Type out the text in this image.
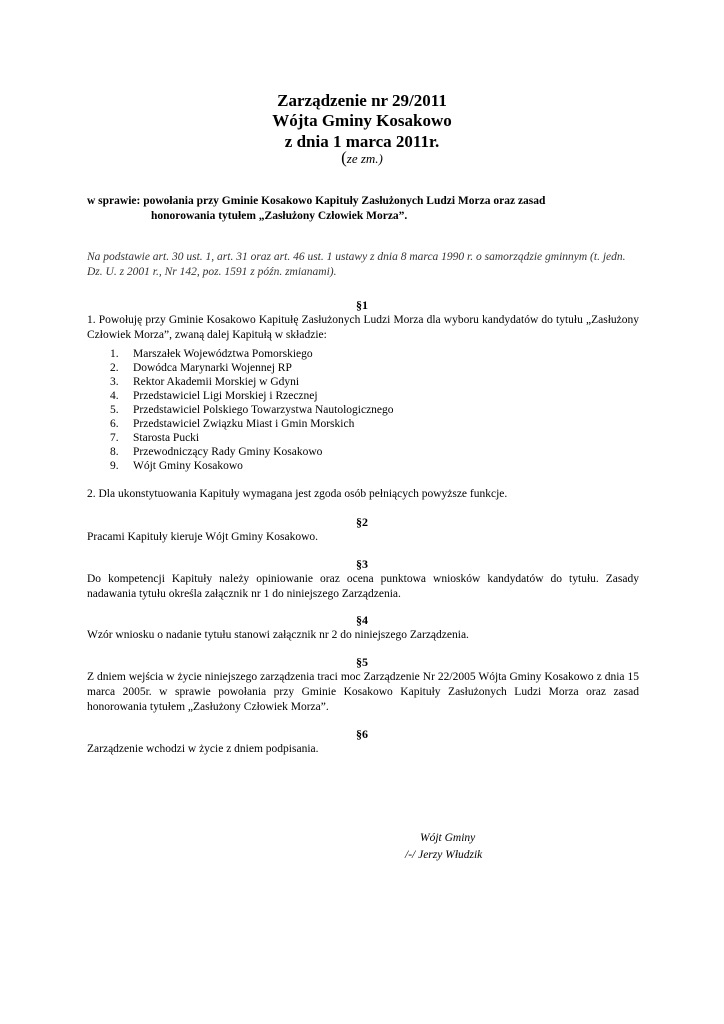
Zarządzenie nr 29/2011
Wójta Gminy Kosakowo
z dnia 1 marca 2011r.
(ze zm.)
w sprawie: powołania przy Gminie Kosakowo Kapituły Zasłużonych Ludzi Morza oraz zasad
honorowania tytułem „Zasłużony Człowiek Morza”.
Na podstawie art. 30 ust. 1, art. 31 oraz art. 46 ust. 1 ustawy z dnia 8 marca 1990 r. o samorządzie gminnym (t. jedn. Dz. U. z 2001 r., Nr 142, poz. 1591 z późn. zmianami).
§1
1. Powołuję przy Gminie Kosakowo Kapitułę Zasłużonych Ludzi Morza dla wyboru kandydatów do tytułu „Zasłużony Człowiek Morza”, zwaną dalej Kapitułą w składzie:
1. Marszałek Województwa Pomorskiego
2. Dowódca Marynarki Wojennej RP
3. Rektor Akademii Morskiej w Gdyni
4. Przedstawiciel Ligi Morskiej i Rzecznej
5. Przedstawiciel Polskiego Towarzystwa Nautologicznego
6. Przedstawiciel Związku Miast i Gmin Morskich
7. Starosta Pucki
8. Przewodniczący Rady Gminy Kosakowo
9. Wójt Gminy Kosakowo
2. Dla ukonstytuowania Kapituły wymagana jest zgoda osób pełniących powyższe funkcje.
§2
Pracami Kapituły kieruje Wójt Gminy Kosakowo.
§3
Do kompetencji Kapituły należy opiniowanie oraz ocena punktowa wniosków kandydatów do tytułu. Zasady nadawania tytułu określa załącznik nr 1 do niniejszego Zarządzenia.
§4
Wzór wniosku o nadanie tytułu stanowi załącznik nr 2 do niniejszego Zarządzenia.
§5
Z dniem wejścia w życie niniejszego zarządzenia traci moc Zarządzenie Nr 22/2005 Wójta Gminy Kosakowo z dnia 15 marca 2005r. w sprawie powołania przy Gminie Kosakowo Kapituły Zasłużonych Ludzi Morza oraz zasad honorowania tytułem „Zasłużony Człowiek Morza”.
§6
Zarządzenie wchodzi w życie z dniem podpisania.
Wójt Gminy
/-/ Jerzy Włudzik
